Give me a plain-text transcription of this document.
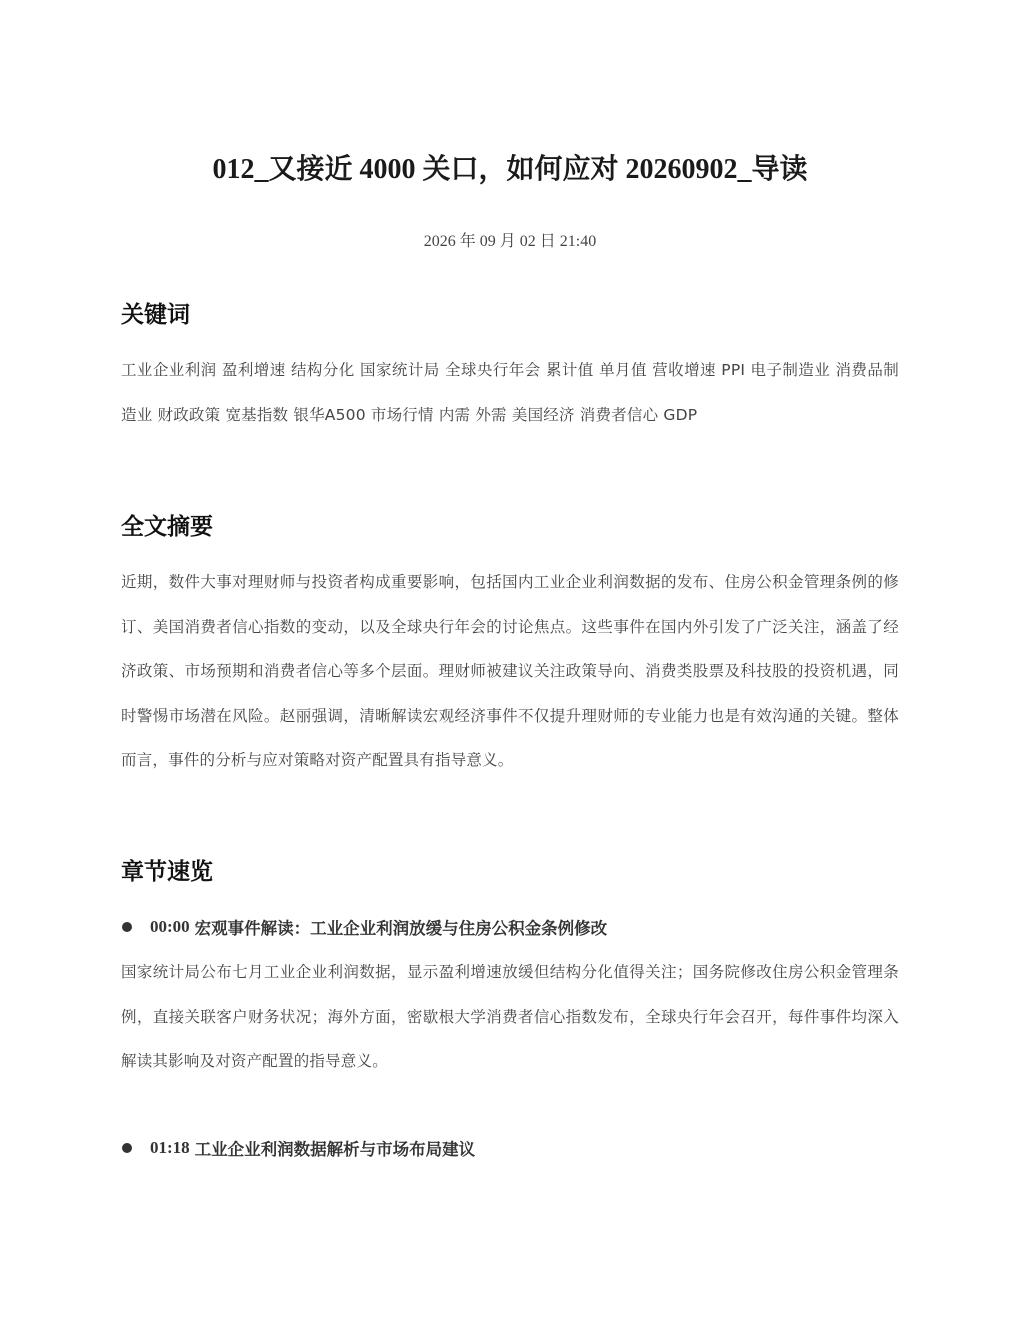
012_又接近 4000 关口，如何应对 20260902_导读
2026 年 09 月 02 日 21:40
关键词

工业企业利润 盈利增速 结构分化 国家统计局 全球央行年会 累计值 单月值 营收增速 PPI 电子制造业 消费品制造业 财政政策 宽基指数 银华A500 市场行情 内需 外需 美国经济 消费者信心 GDP

全文摘要

近期，数件大事对理财师与投资者构成重要影响，包括国内工业企业利润数据的发布、住房公积金管理条例的修订、美国消费者信心指数的变动，以及全球央行年会的讨论焦点。这些事件在国内外引发了广泛关注，涵盖了经济政策、市场预期和消费者信心等多个层面。理财师被建议关注政策导向、消费类股票及科技股的投资机遇，同时警惕市场潜在风险。赵丽强调，清晰解读宏观经济事件不仅提升理财师的专业能力也是有效沟通的关键。整体而言，事件的分析与应对策略对资产配置具有指导意义。

章节速览
00:00 宏观事件解读：工业企业利润放缓与住房公积金条例修改

国家统计局公布七月工业企业利润数据，显示盈利增速放缓但结构分化值得关注；国务院修改住房公积金管理条例，直接关联客户财务状况；海外方面，密歇根大学消费者信心指数发布，全球央行年会召开，每件事件均深入解读其影响及对资产配置的指导意义。

01:18 工业企业利润数据解析与市场布局建议
